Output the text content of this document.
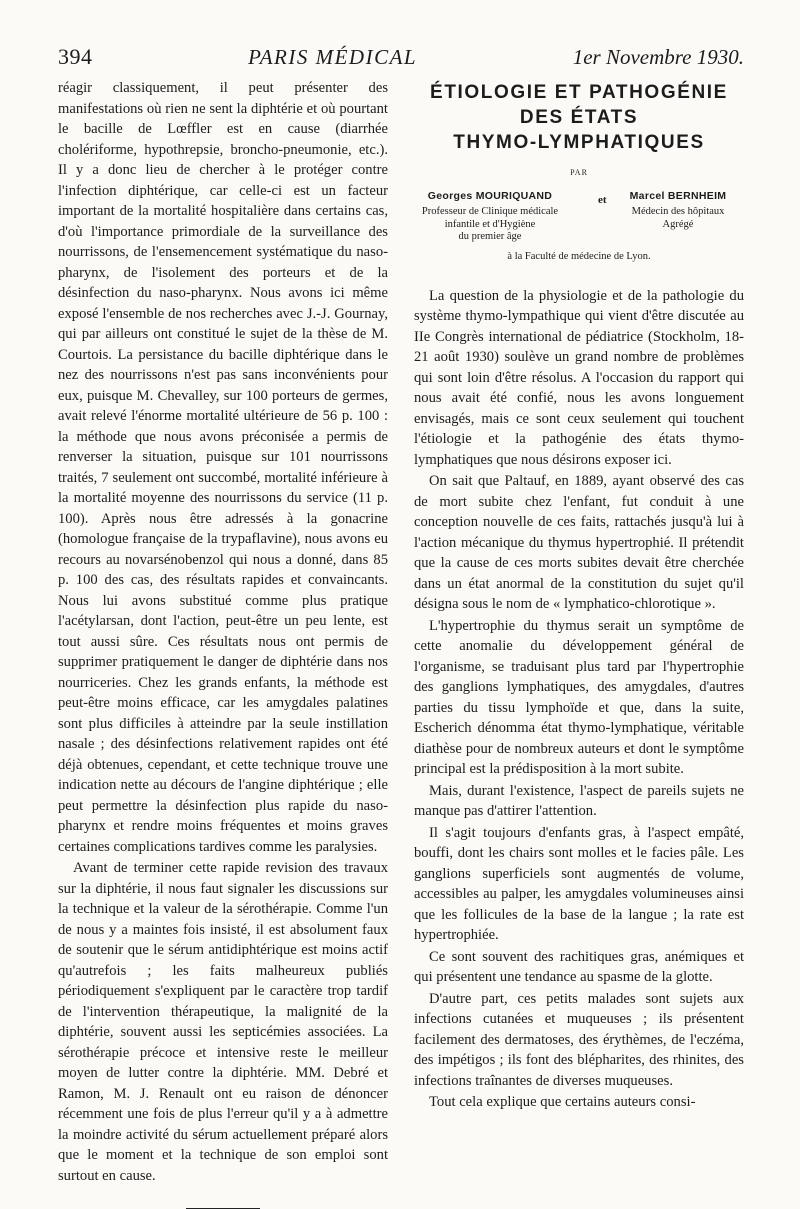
394	PARIS MÉDICAL	1er Novembre 1930.

réagir classiquement, il peut présenter des manifestations où rien ne sent la diphtérie et où pourtant le bacille de Lœffler est en cause (diarrhée cholériforme, hypothrepsie, broncho-pneumonie, etc.). Il y a donc lieu de chercher à le protéger contre l'infection diphtérique, car celle-ci est un facteur important de la mortalité hospitalière dans certains cas, d'où l'importance primordiale de la surveillance des nourrissons, de l'ensemencement systématique du naso-pharynx, de l'isolement des porteurs et de la désinfection du naso-pharynx. Nous avons ici même exposé l'ensemble de nos recherches avec J.-J. Gournay, qui par ailleurs ont constitué le sujet de la thèse de M. Courtois. La persistance du bacille diphtérique dans le nez des nourrissons n'est pas sans inconvénients pour eux, puisque M. Chevalley, sur 100 porteurs de germes, avait relevé l'énorme mortalité ultérieure de 56 p. 100 : la méthode que nous avons préconisée a permis de renverser la situation, puisque sur 101 nourrissons traités, 7 seulement ont succombé, mortalité inférieure à la mortalité moyenne des nourrissons du service (11 p. 100). Après nous être adressés à la gonacrine (homologue française de la trypaflavine), nous avons eu recours au novarsénobenzol qui nous a donné, dans 85 p. 100 des cas, des résultats rapides et convaincants. Nous lui avons substitué comme plus pratique l'acétylarsan, dont l'action, peut-être un peu lente, est tout aussi sûre. Ces résultats nous ont permis de supprimer pratiquement le danger de diphtérie dans nos nourriceries. Chez les grands enfants, la méthode est peut-être moins efficace, car les amygdales palatines sont plus difficiles à atteindre par la seule instillation nasale ; des désinfections relativement rapides ont été déjà obtenues, cependant, et cette technique trouve une indication nette au décours de l'angine diphtérique ; elle peut permettre la désinfection plus rapide du naso-pharynx et rendre moins fréquentes et moins graves certaines complications tardives comme les paralysies.

Avant de terminer cette rapide revision des travaux sur la diphtérie, il nous faut signaler les discussions sur la technique et la valeur de la sérothérapie. Comme l'un de nous y a maintes fois insisté, il est absolument faux de soutenir que le sérum antidiphtérique est moins actif qu'autrefois ; les faits malheureux publiés périodiquement s'expliquent par le caractère trop tardif de l'intervention thérapeutique, la malignité de la diphtérie, souvent aussi les septicémies associées. La sérothérapie précoce et intensive reste le meilleur moyen de lutter contre la diphtérie. MM. Debré et Ramon, M. J. Renault ont eu raison de dénoncer récemment une fois de plus l'erreur qu'il y a à admettre la moindre activité du sérum actuellement préparé alors que le moment et la technique de son emploi sont surtout en cause.

ÉTIOLOGIE ET PATHOGÉNIE
DES ÉTATS
THYMO-LYMPHATIQUES
PAR
Georges MOURIQUAND
Professeur de Clinique médicale
infantile et d'Hygiène
du premier âge
et	Marcel BERNHEIM
Médecin des hôpitaux
Agrégé
à la Faculté de médecine de Lyon.

La question de la physiologie et de la pathologie du système thymo-lympathique qui vient d'être discutée au IIe Congrès international de pédiatrice (Stockholm, 18-21 août 1930) soulève un grand nombre de problèmes qui sont loin d'être résolus. A l'occasion du rapport qui nous avait été confié, nous les avons longuement envisagés, mais ce sont ceux seulement qui touchent l'étiologie et la pathogénie des états thymo-lymphatiques que nous désirons exposer ici.

On sait que Paltauf, en 1889, ayant observé des cas de mort subite chez l'enfant, fut conduit à une conception nouvelle de ces faits, rattachés jusqu'à lui à l'action mécanique du thymus hypertrophié. Il prétendit que la cause de ces morts subites devait être cherchée dans un état anormal de la constitution du sujet qu'il désigna sous le nom de « lymphatico-chlorotique ».

L'hypertrophie du thymus serait un symptôme de cette anomalie du développement général de l'organisme, se traduisant plus tard par l'hypertrophie des ganglions lymphatiques, des amygdales, d'autres parties du tissu lymphoïde et que, dans la suite, Escherich dénomma état thymo-lymphatique, véritable diathèse pour de nombreux auteurs et dont le symptôme principal est la prédisposition à la mort subite.

Mais, durant l'existence, l'aspect de pareils sujets ne manque pas d'attirer l'attention.

Il s'agit toujours d'enfants gras, à l'aspect empâté, bouffi, dont les chairs sont molles et le facies pâle. Les ganglions superficiels sont augmentés de volume, accessibles au palper, les amygdales volumineuses ainsi que les follicules de la base de la langue ; la rate est hypertrophiée.

Ce sont souvent des rachitiques gras, anémiques et qui présentent une tendance au spasme de la glotte.

D'autre part, ces petits malades sont sujets aux infections cutanées et muqueuses ; ils présentent facilement des dermatoses, des érythèmes, de l'eczéma, des impétigos ; ils font des blépharites, des rhinites, des infections traînantes de diverses muqueuses.

Tout cela explique que certains auteurs consi-
